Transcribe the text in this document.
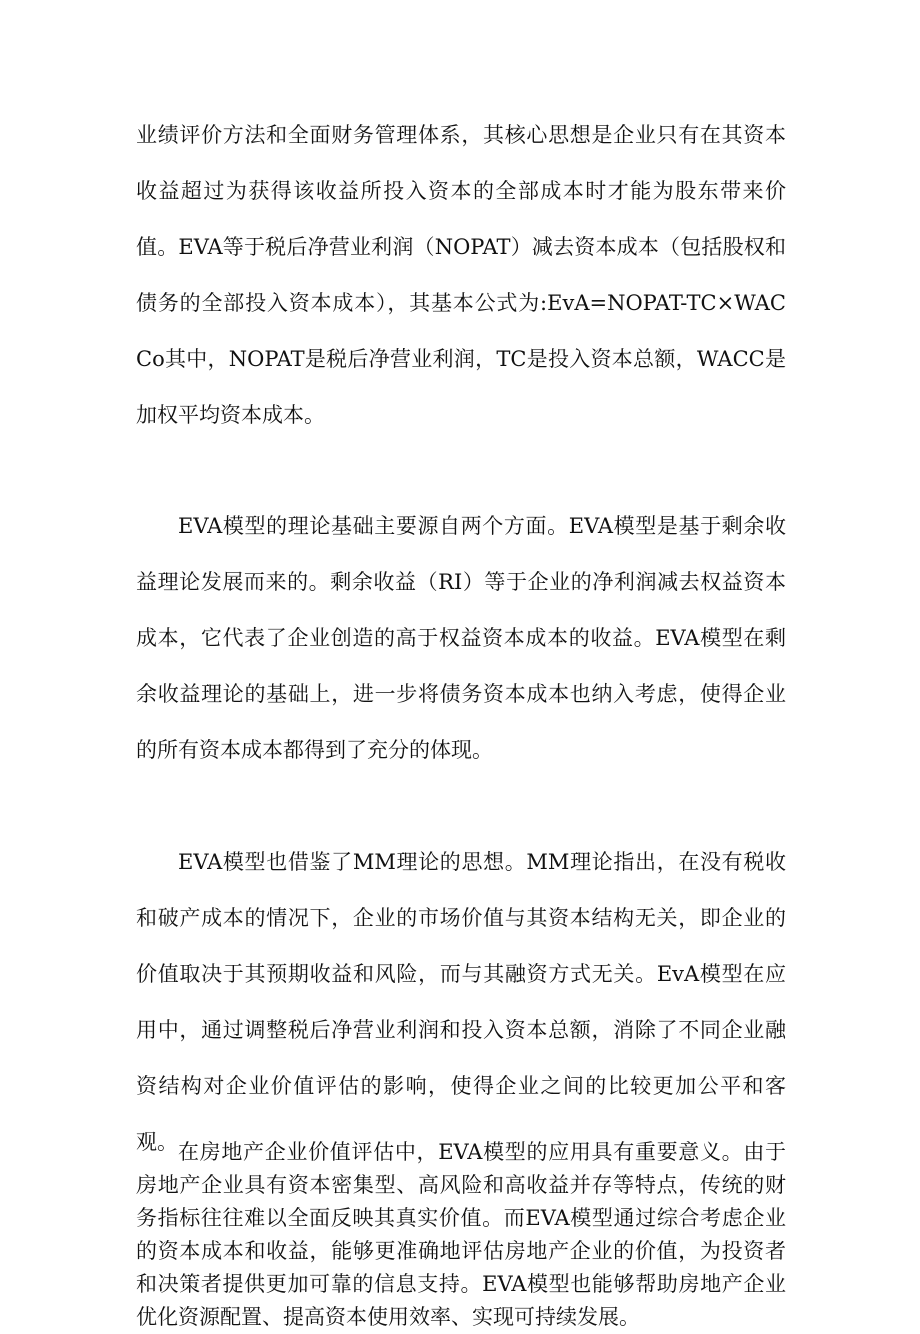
业绩评价方法和全面财务管理体系，其核心思想是企业只有在其资本收益超过为获得该收益所投入资本的全部成本时才能为股东带来价值。EVA等于税后净营业利润（NOPAT）减去资本成本（包括股权和债务的全部投入资本成本），其基本公式为:EvA=NOPAT-TC×WACCo其中，NOPAT是税后净营业利润，TC是投入资本总额，WACC是加权平均资本成本。

EVA模型的理论基础主要源自两个方面。EVA模型是基于剩余收益理论发展而来的。剩余收益（RI）等于企业的净利润减去权益资本成本，它代表了企业创造的高于权益资本成本的收益。EVA模型在剩余收益理论的基础上，进一步将债务资本成本也纳入考虑，使得企业的所有资本成本都得到了充分的体现。

EVA模型也借鉴了MM理论的思想。MM理论指出，在没有税收和破产成本的情况下，企业的市场价值与其资本结构无关，即企业的价值取决于其预期收益和风险，而与其融资方式无关。EvA模型在应用中，通过调整税后净营业利润和投入资本总额，消除了不同企业融资结构对企业价值评估的影响，使得企业之间的比较更加公平和客观。 在房地产企业价值评估中，EVA模型的应用具有重要意义。由于房地产企业具有资本密集型、高风险和高收益并存等特点，传统的财务指标往往难以全面反映其真实价值。而EVA模型通过综合考虑企业的资本成本和收益，能够更准确地评估房地产企业的价值，为投资者和决策者提供更加可靠的信息支持。EVA模型也能够帮助房地产企业优化资源配置、提高资本使用效率、实现可持续发展。
